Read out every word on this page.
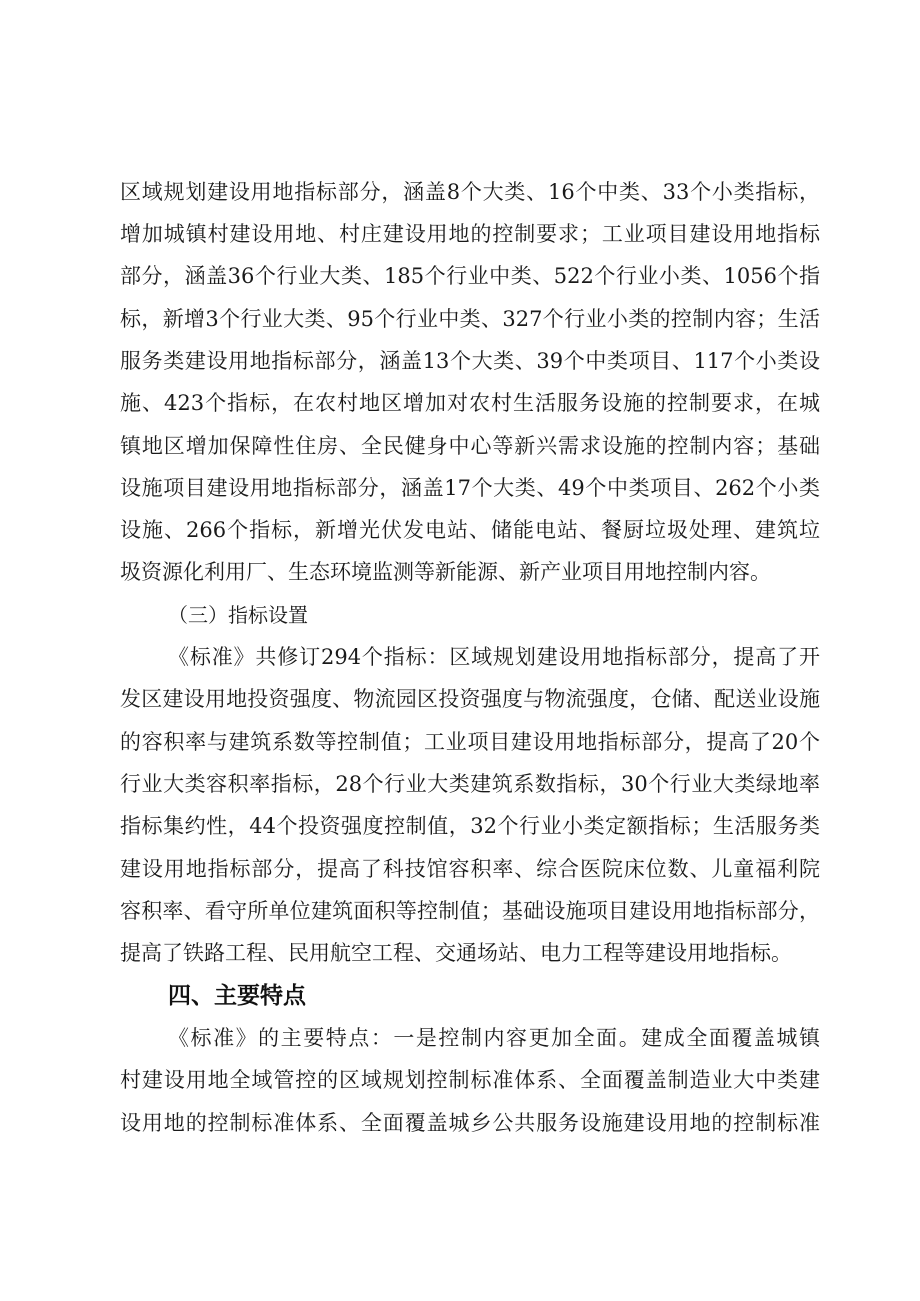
区域规划建设用地指标部分，涵盖8个大类、16个中类、33个小类指标，
增加城镇村建设用地、村庄建设用地的控制要求；工业项目建设用地指标
部分，涵盖36个行业大类、185个行业中类、522个行业小类、1056个指
标，新增3个行业大类、95个行业中类、327个行业小类的控制内容；生活
服务类建设用地指标部分，涵盖13个大类、39个中类项目、117个小类设
施、423个指标，在农村地区增加对农村生活服务设施的控制要求，在城
镇地区增加保障性住房、全民健身中心等新兴需求设施的控制内容；基础
设施项目建设用地指标部分，涵盖17个大类、49个中类项目、262个小类
设施、266个指标，新增光伏发电站、储能电站、餐厨垃圾处理、建筑垃
圾资源化利用厂、生态环境监测等新能源、新产业项目用地控制内容。
（三）指标设置
《标准》共修订294个指标：区域规划建设用地指标部分，提高了开
发区建设用地投资强度、物流园区投资强度与物流强度，仓储、配送业设施
的容积率与建筑系数等控制值；工业项目建设用地指标部分，提高了20个
行业大类容积率指标，28个行业大类建筑系数指标，30个行业大类绿地率
指标集约性，44个投资强度控制值，32个行业小类定额指标；生活服务类
建设用地指标部分，提高了科技馆容积率、综合医院床位数、儿童福利院
容积率、看守所单位建筑面积等控制值；基础设施项目建设用地指标部分，
提高了铁路工程、民用航空工程、交通场站、电力工程等建设用地指标。
四、主要特点
《标准》的主要特点：一是控制内容更加全面。建成全面覆盖城镇
村建设用地全域管控的区域规划控制标准体系、全面覆盖制造业大中类建
设用地的控制标准体系、全面覆盖城乡公共服务设施建设用地的控制标准
